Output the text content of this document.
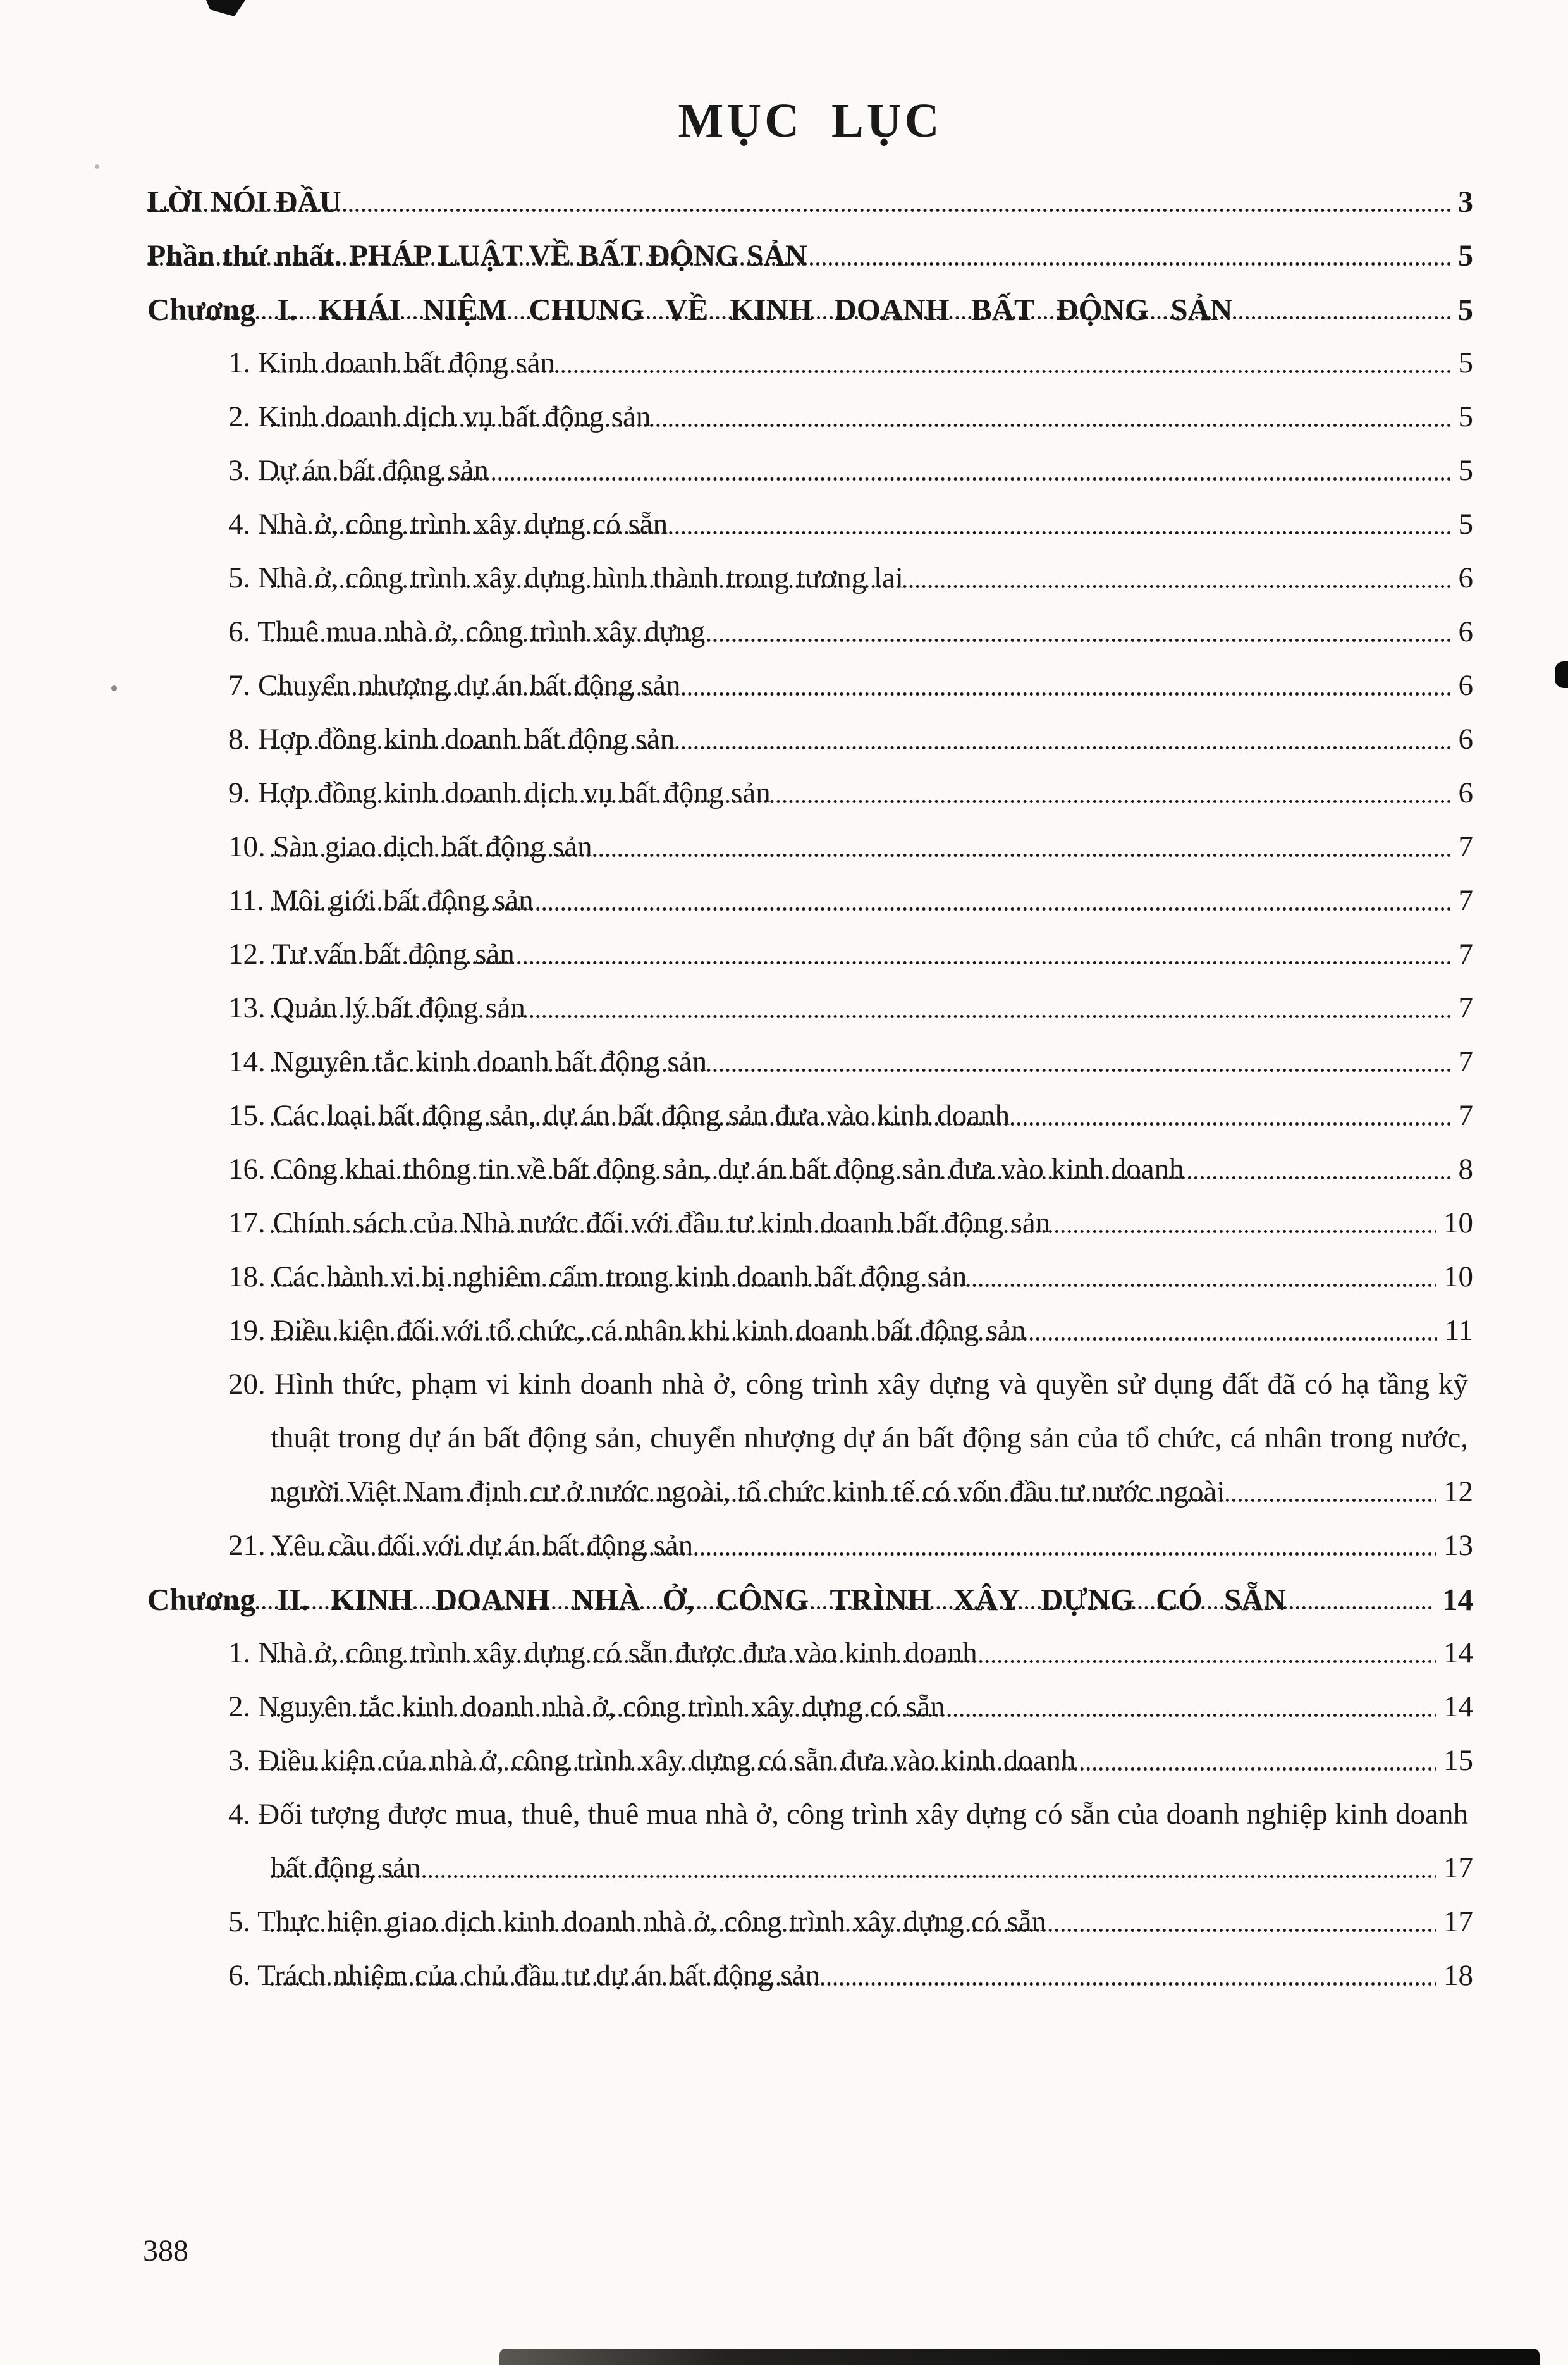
MỤC LỤC
LỜI NÓI ĐẦU	3
Phần thứ nhất. PHÁP LUẬT VỀ BẤT ĐỘNG SẢN	5
Chương I. KHÁI NIỆM CHUNG VỀ KINH DOANH BẤT ĐỘNG SẢN	5
1. Kinh doanh bất động sản	5
2. Kinh doanh dịch vụ bất động sản	5
3. Dự án bất động sản	5
4. Nhà ở, công trình xây dựng có sẵn	5
5. Nhà ở, công trình xây dựng hình thành trong tương lai	6
6. Thuê mua nhà ở, công trình xây dựng	6
7. Chuyển nhượng dự án bất động sản	6
8. Hợp đồng kinh doanh bất động sản	6
9. Hợp đồng kinh doanh dịch vụ bất động sản	6
10. Sàn giao dịch bất động sản	7
11. Môi giới bất động sản	7
12. Tư vấn bất động sản	7
13. Quản lý bất động sản	7
14. Nguyên tắc kinh doanh bất động sản	7
15. Các loại bất động sản, dự án bất động sản đưa vào kinh doanh	7
16. Công khai thông tin về bất động sản, dự án bất động sản đưa vào kinh doanh	8
17. Chính sách của Nhà nước đối với đầu tư kinh doanh bất động sản	10
18. Các hành vi bị nghiêm cấm trong kinh doanh bất động sản	10
19. Điều kiện đối với tổ chức, cá nhân khi kinh doanh bất động sản	11
20. Hình thức, phạm vi kinh doanh nhà ở, công trình xây dựng và quyền sử dụng đất đã có hạ tầng kỹ thuật trong dự án bất động sản, chuyển nhượng dự án bất động sản của tổ chức, cá nhân trong nước, người Việt Nam định cư ở nước ngoài, tổ chức kinh tế có vốn đầu tư nước ngoài	12
21. Yêu cầu đối với dự án bất động sản	13
Chương II. KINH DOANH NHÀ Ở, CÔNG TRÌNH XÂY DỰNG CÓ SẴN	14
1. Nhà ở, công trình xây dựng có sẵn được đưa vào kinh doanh	14
2. Nguyên tắc kinh doanh nhà ở, công trình xây dựng có sẵn	14
3. Điều kiện của nhà ở, công trình xây dựng có sẵn đưa vào kinh doanh	15
4. Đối tượng được mua, thuê, thuê mua nhà ở, công trình xây dựng có sẵn của doanh nghiệp kinh doanh bất động sản	17
5. Thực hiện giao dịch kinh doanh nhà ở, công trình xây dựng có sẵn	17
6. Trách nhiệm của chủ đầu tư dự án bất động sản	18
388
